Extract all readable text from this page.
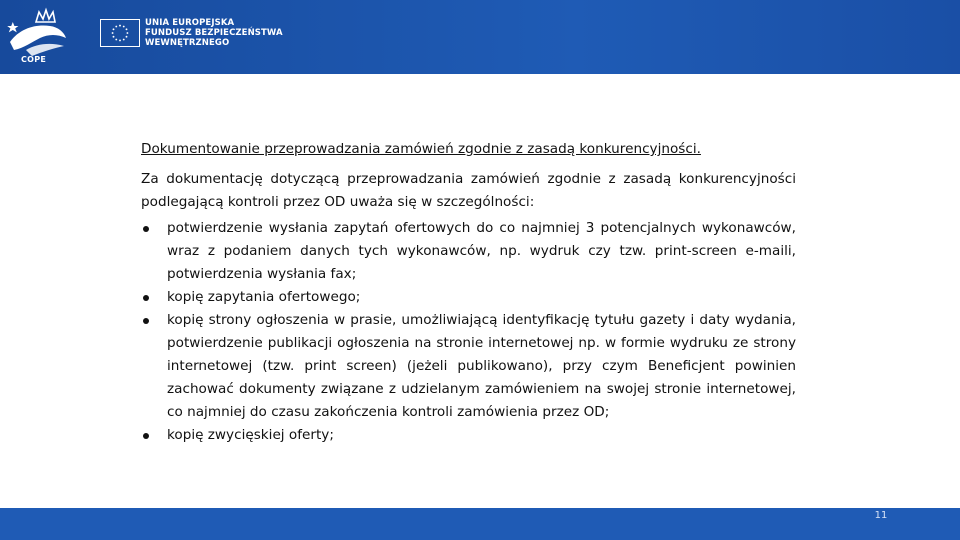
COPE
UNIA EUROPEJSKA
FUNDUSZ BEZPIECZEŃSTWA
WEWNĘTRZNEGO

Dokumentowanie przeprowadzania zamówień zgodnie z zasadą konkurencyjności.

Za dokumentację dotyczącą przeprowadzania zamówień zgodnie z zasadą konkurencyjności podlegającą kontroli przez OD uważa się w szczególności:

potwierdzenie wysłania zapytań ofertowych do co najmniej 3 potencjalnych wykonawców, wraz z podaniem danych tych wykonawców, np. wydruk czy tzw. print-screen e-maili, potwierdzenia wysłania fax;
kopię zapytania ofertowego;
kopię strony ogłoszenia w prasie, umożliwiającą identyfikację tytułu gazety i daty wydania, potwierdzenie publikacji ogłoszenia na stronie internetowej np. w formie wydruku ze strony internetowej (tzw. print screen) (jeżeli publikowano), przy czym Beneficjent powinien zachować dokumenty związane z udzielanym zamówieniem na swojej stronie internetowej, co najmniej do czasu zakończenia kontroli zamówienia przez OD;
kopię zwycięskiej oferty;
11
